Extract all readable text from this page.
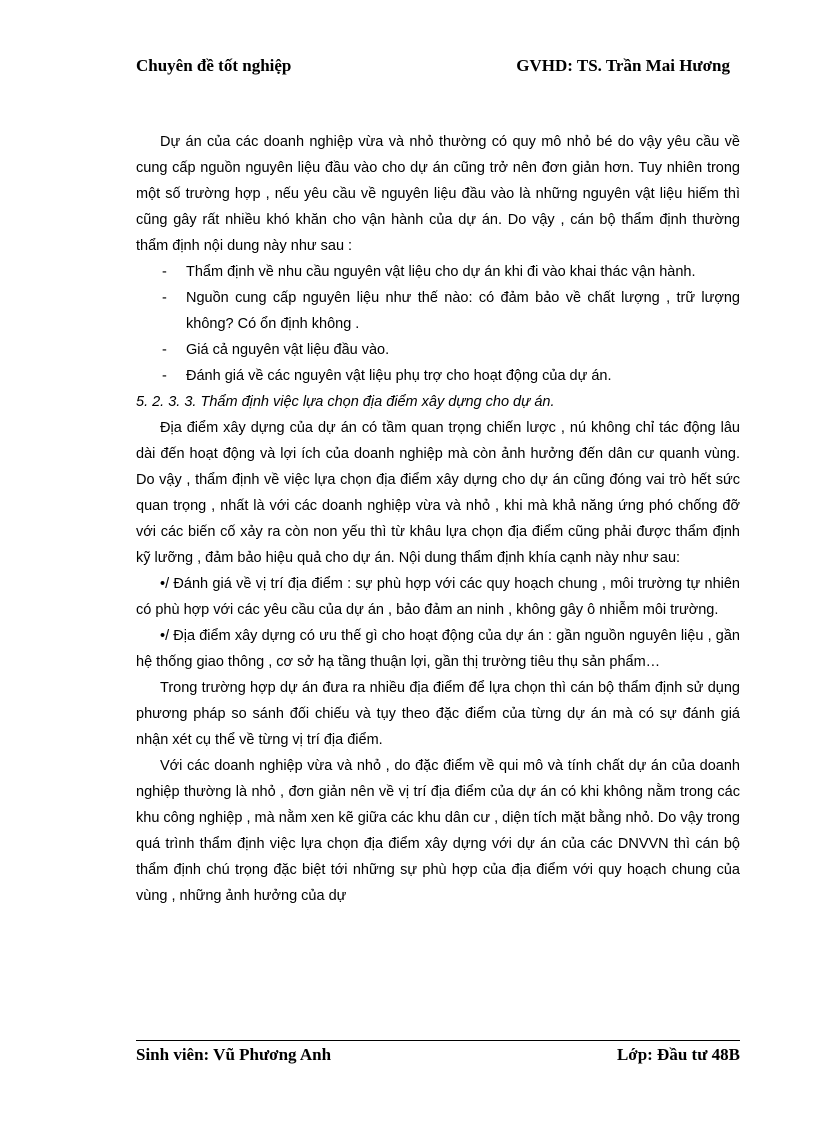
Chuyên đề tốt nghiệp	GVHD: TS. Trần Mai Hương

Dự án của các doanh nghiệp vừa và nhỏ thường có quy mô nhỏ bé do vậy yêu cầu về cung cấp nguồn nguyên liệu đầu vào cho dự án cũng trở nên đơn giản hơn. Tuy nhiên trong một số trường hợp , nếu yêu cầu về nguyên liệu đầu vào là những nguyên vật liệu hiếm thì cũng gây rất nhiều khó khăn cho vận hành của dự án. Do vậy , cán bộ thẩm định thường thẩm định nội dung này như sau :

- Thẩm định về nhu cầu nguyên vật liệu cho dự án khi đi vào khai thác vận hành.

- Nguồn cung cấp nguyên liệu như thế nào: có đảm bảo về chất lượng , trữ lượng không? Có ổn định không .

- Giá cả nguyên vật liệu đầu vào.

- Đánh giá về các nguyên vật liệu phụ trợ cho hoạt động của dự án.

5. 2. 3. 3. Thẩm định việc lựa chọn địa điểm xây dựng cho dự án.

Địa điểm xây dựng của dự án có tầm quan trọng chiến lược , nú không chỉ tác động lâu dài đến hoạt động và lợi ích của doanh nghiệp mà còn ảnh hưởng đến dân cư quanh vùng. Do vậy , thẩm định về việc lựa chọn địa điểm xây dựng cho dự án cũng đóng vai trò hết sức quan trọng , nhất là với các doanh nghiệp vừa và nhỏ , khi mà khả năng ứng phó chống đỡ với các biến cố xảy ra còn non yếu thì từ khâu lựa chọn địa điểm cũng phải được thẩm định kỹ lưỡng , đảm bảo hiệu quả cho dự án. Nội dung thẩm định khía cạnh này như sau:

•/ Đánh giá về vị trí địa điểm : sự phù hợp với các quy hoạch chung , môi trường tự nhiên có phù hợp với các yêu cầu của dự án , bảo đảm an ninh , không gây ô nhiễm môi trường.

•/ Địa điểm xây dựng có ưu thế gì cho hoạt động của dự án : gần nguồn nguyên liệu , gần hệ thống giao thông , cơ sở hạ tầng thuận lợi, gần thị trường tiêu thụ sản phẩm…

Trong trường hợp dự án đưa ra nhiều địa điểm để lựa chọn thì cán bộ thẩm định sử dụng phương pháp so sánh đối chiếu và tụy theo đặc điểm của từng dự án mà có sự đánh giá nhận xét cụ thể về từng vị trí địa điểm.

Với các doanh nghiệp vừa và nhỏ , do đặc điểm về qui mô và tính chất dự án của doanh nghiệp thường là nhỏ , đơn giản nên về vị trí địa điểm của dự án có khi không nằm trong các khu công nghiệp , mà nằm xen kẽ giữa các khu dân cư , diện tích mặt bằng nhỏ. Do vậy trong quá trình thẩm định việc lựa chọn địa điểm xây dựng với dự án của các DNVVN thì cán bộ thẩm định chú trọng đặc biệt tới những sự phù hợp của địa điểm với quy hoạch chung của vùng , những ảnh hưởng của dự

Sinh viên: Vũ Phương Anh	Lớp: Đầu tư 48B
